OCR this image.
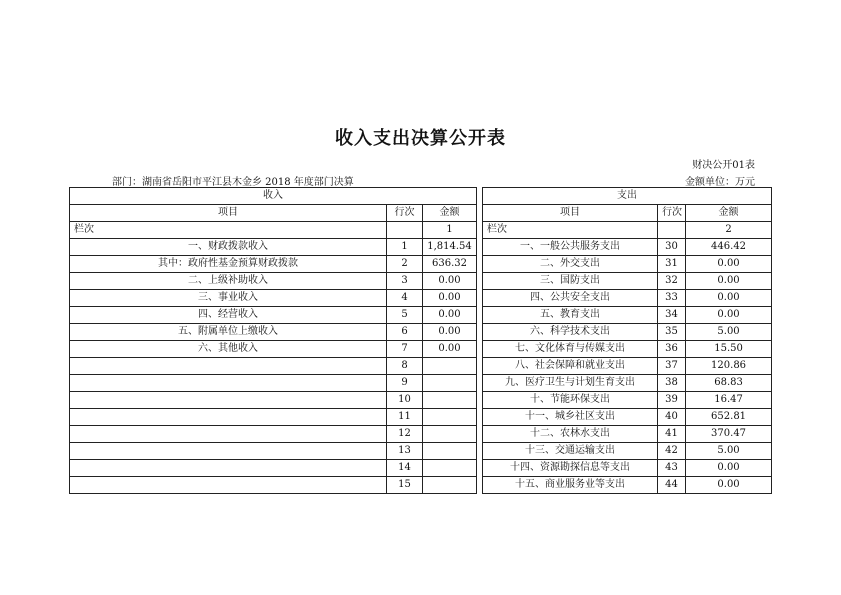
收入支出决算公开表
财决公开01表
部门：湖南省岳阳市平江县木金乡 2018 年度部门决算	金额单位：万元
收入				支出		
项目	行次	金额		项目	行次	金额
栏次		1		栏次		2
一、财政拨款收入	1	1,814.54		一、一般公共服务支出	30	446.42
其中：政府性基金预算财政拨款	2	636.32		二、外交支出	31	0.00
二、上级补助收入	3	0.00		三、国防支出	32	0.00
三、事业收入	4	0.00		四、公共安全支出	33	0.00
四、经营收入	5	0.00		五、教育支出	34	0.00
五、附属单位上缴收入	6	0.00		六、科学技术支出	35	5.00
六、其他收入	7	0.00		七、文化体育与传媒支出	36	15.50
	8			八、社会保障和就业支出	37	120.86
	9			九、医疗卫生与计划生育支出	38	68.83
	10			十、节能环保支出	39	16.47
	11			十一、城乡社区支出	40	652.81
	12			十二、农林水支出	41	370.47
	13			十三、交通运输支出	42	5.00
	14			十四、资源勘探信息等支出	43	0.00
	15			十五、商业服务业等支出	44	0.00
